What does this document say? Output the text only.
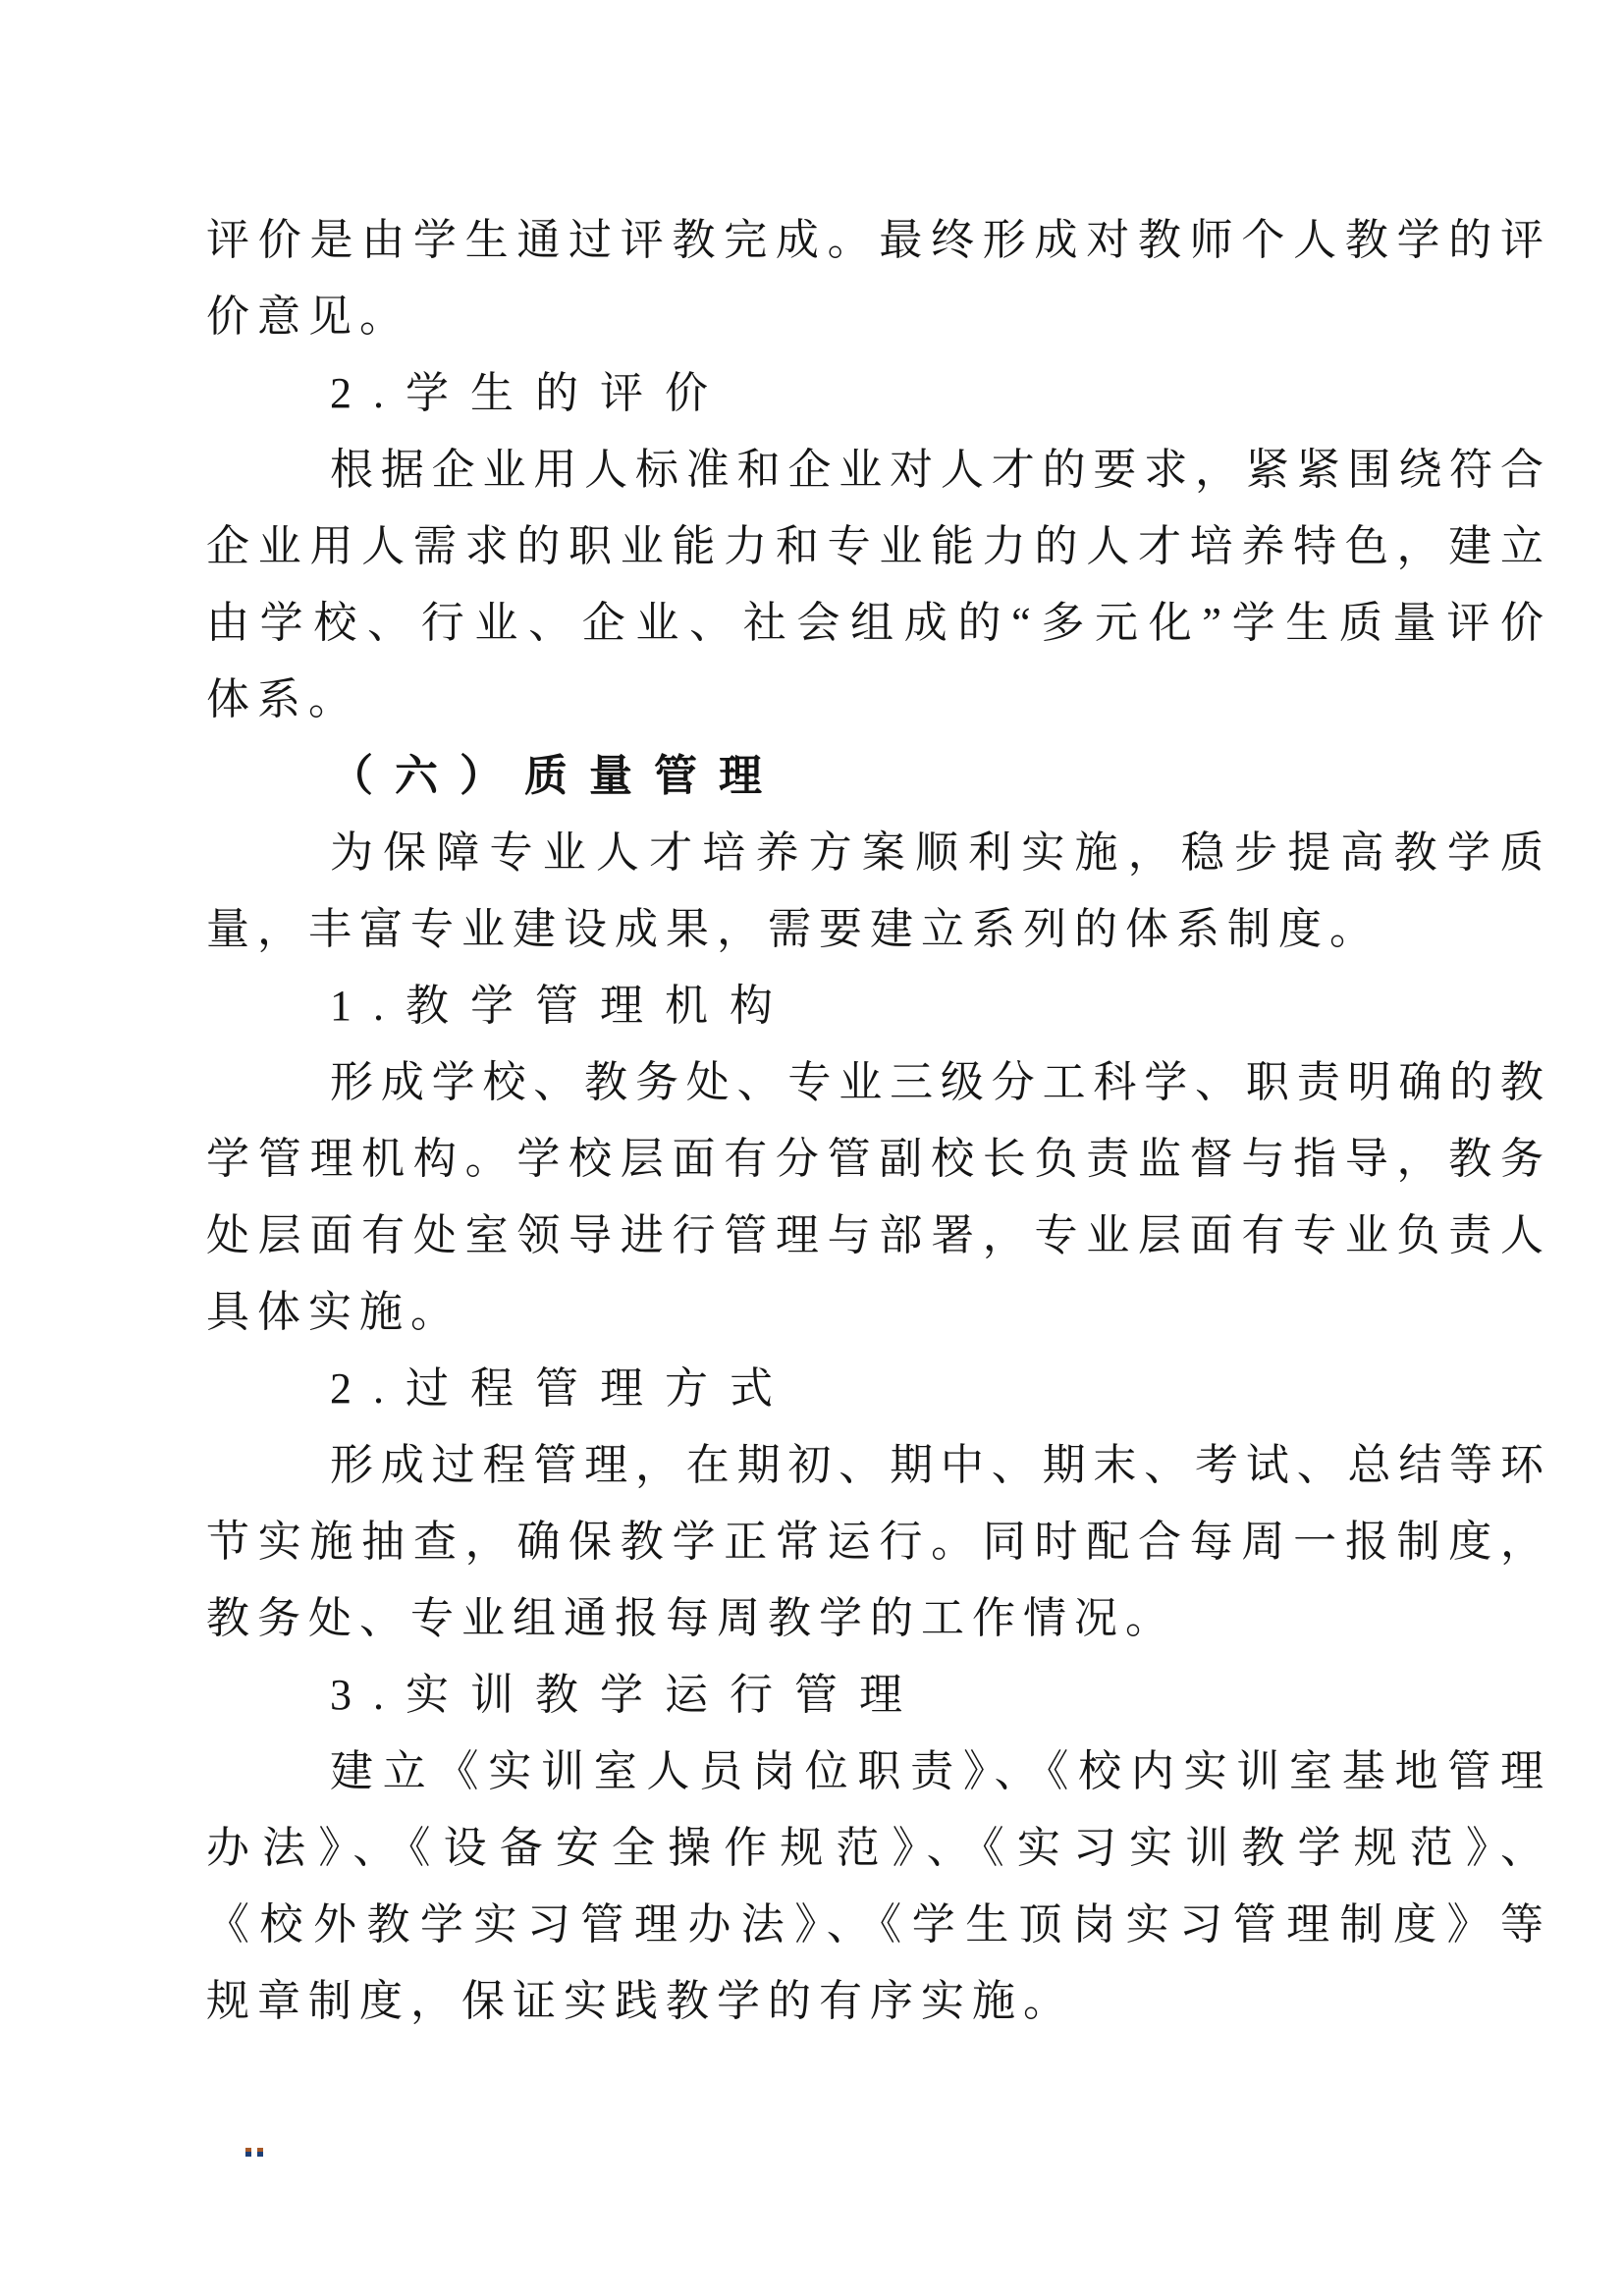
评价是由学生通过评教完成。最终形成对教师个人教学的评
价意见。
2.学生的评价
根据企业用人标准和企业对人才的要求，紧紧围绕符合
企业用人需求的职业能力和专业能力的人才培养特色，建立
由学校、行业、企业、社会组成的“多元化”学生质量评价
体系。
（六）质量管理
为保障专业人才培养方案顺利实施，稳步提高教学质
量，丰富专业建设成果，需要建立系列的体系制度。
1.教学管理机构
形成学校、教务处、专业三级分工科学、职责明确的教
学管理机构。学校层面有分管副校长负责监督与指导，教务
处层面有处室领导进行管理与部署，专业层面有专业负责人
具体实施。
2.过程管理方式
形成过程管理，在期初、期中、期末、考试、总结等环
节实施抽查，确保教学正常运行。同时配合每周一报制度，
教务处、专业组通报每周教学的工作情况。
3.实训教学运行管理
建立《实训室人员岗位职责》、《校内实训室基地管理
办法》、《设备安全操作规范》、《实习实训教学规范》、
《校外教学实习管理办法》、《学生顶岗实习管理制度》等
规章制度，保证实践教学的有序实施。
